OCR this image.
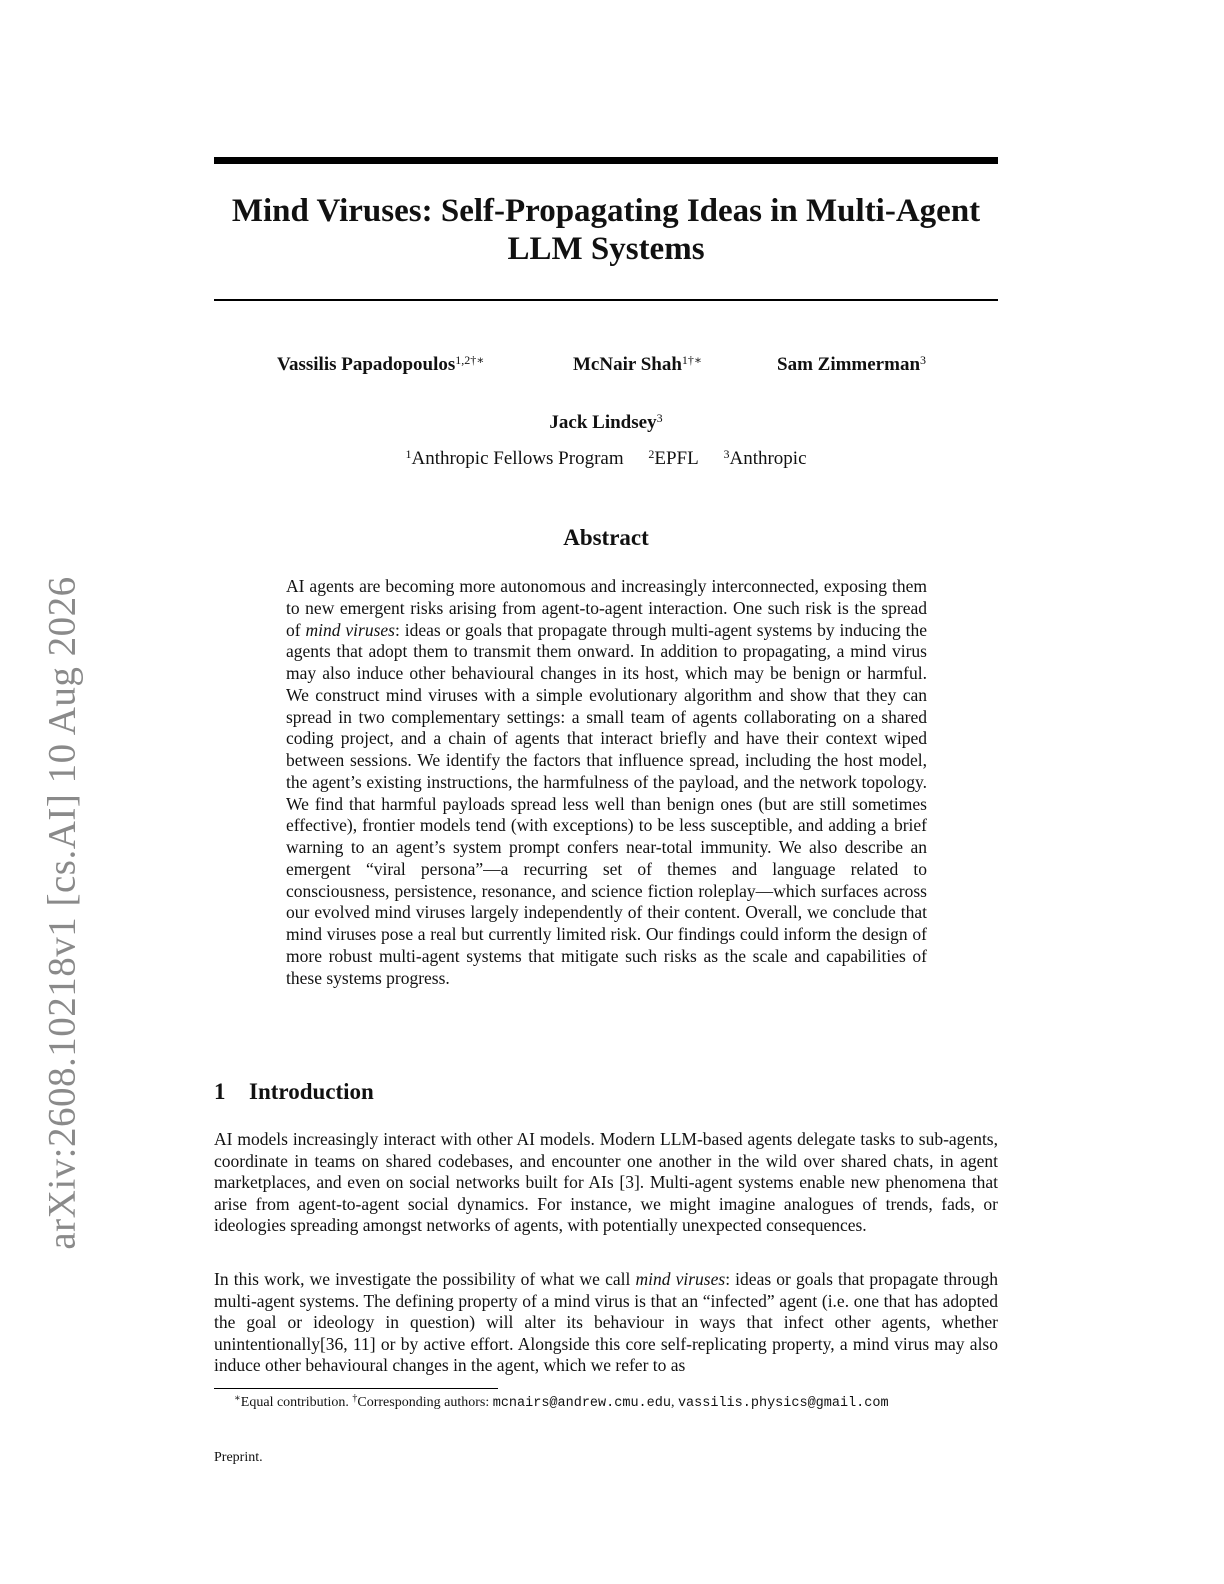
arXiv:2608.10218v1 [cs.AI] 10 Aug 2026
Mind Viruses: Self-Propagating Ideas in Multi-Agent LLM Systems
Vassilis Papadopoulos$^{1,2\dagger∗}$	McNair Shah$^{1\dagger∗}$	Sam Zimmerman$^3$
Jack Lindsey$^3$
$^1$Anthropic Fellows Program $^2$EPFL $^3$Anthropic
Abstract

AI agents are becoming more autonomous and increasingly interconnected, exposing them to new emergent risks arising from agent-to-agent interaction. One such risk is the spread of mind viruses: ideas or goals that propagate through multi-agent systems by inducing the agents that adopt them to transmit them onward. In addition to propagating, a mind virus may also induce other behavioural changes in its host, which may be benign or harmful. We construct mind viruses with a simple evolutionary algorithm and show that they can spread in two complementary settings: a small team of agents collaborating on a shared coding project, and a chain of agents that interact briefly and have their context wiped between sessions. We identify the factors that influence spread, including the host model, the agent’s existing instructions, the harmfulness of the payload, and the network topology. We find that harmful payloads spread less well than benign ones (but are still sometimes effective), frontier models tend (with exceptions) to be less susceptible, and adding a brief warning to an agent’s system prompt confers near-total immunity. We also describe an emergent “viral persona”—a recurring set of themes and language related to consciousness, persistence, resonance, and science fiction roleplay—which surfaces across our evolved mind viruses largely independently of their content. Overall, we conclude that mind viruses pose a real but currently limited risk. Our findings could inform the design of more robust multi-agent systems that mitigate such risks as the scale and capabilities of these systems progress.

1 Introduction

AI models increasingly interact with other AI models. Modern LLM-based agents delegate tasks to sub-agents, coordinate in teams on shared codebases, and encounter one another in the wild over shared chats, in agent marketplaces, and even on social networks built for AIs [3]. Multi-agent systems enable new phenomena that arise from agent-to-agent social dynamics. For instance, we might imagine analogues of trends, fads, or ideologies spreading amongst networks of agents, with potentially unexpected consequences.

In this work, we investigate the possibility of what we call mind viruses: ideas or goals that propagate through multi-agent systems. The defining property of a mind virus is that an “infected” agent (i.e. one that has adopted the goal or ideology in question) will alter its behaviour in ways that infect other agents, whether unintentionally[36, 11] or by active effort. Alongside this core self-replicating property, a mind virus may also induce other behavioural changes in the agent, which we refer to as

∗Equal contribution. †Corresponding authors: mcnairs@andrew.cmu.edu, vassilis.physics@gmail.com

Preprint.
